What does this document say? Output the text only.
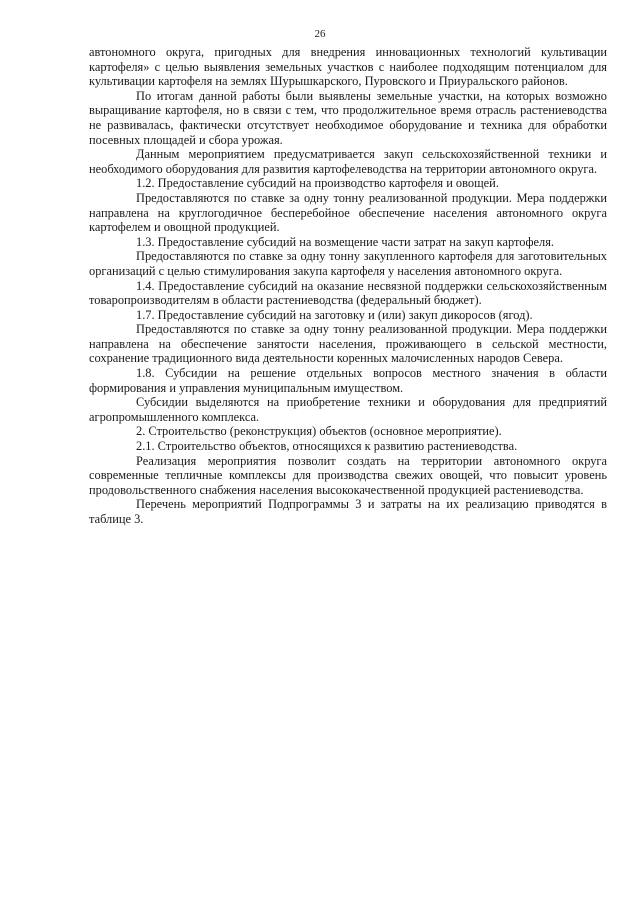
26

автономного округа, пригодных для внедрения инновационных технологий культивации картофеля» с целью выявления земельных участков с наиболее подходящим потенциалом для культивации картофеля на землях Шурышкарского, Пуровского и Приуральского районов.

По итогам данной работы были выявлены земельные участки, на которых возможно выращивание картофеля, но в связи с тем, что продолжительное время отрасль растениеводства не развивалась, фактически отсутствует необходимое оборудование и техника для обработки посевных площадей и сбора урожая.

Данным мероприятием предусматривается закуп сельскохозяйственной техники и необходимого оборудования для развития картофелеводства на территории автономного округа.

1.2. Предоставление субсидий на производство картофеля и овощей.

Предоставляются по ставке за одну тонну реализованной продукции. Мера поддержки направлена на круглогодичное бесперебойное обеспечение населения автономного округа картофелем и овощной продукцией.

1.3. Предоставление субсидий на возмещение части затрат на закуп картофеля.

Предоставляются по ставке за одну тонну закупленного картофеля для заготовительных организаций с целью стимулирования закупа картофеля у населения автономного округа.

1.4. Предоставление субсидий на оказание несвязной поддержки сельскохозяйственным товаропроизводителям в области растениеводства (федеральный бюджет).

1.7. Предоставление субсидий на заготовку и (или) закуп дикоросов (ягод).

Предоставляются по ставке за одну тонну реализованной продукции. Мера поддержки направлена на обеспечение занятости населения, проживающего в сельской местности, сохранение традиционного вида деятельности коренных малочисленных народов Севера.

1.8. Субсидии на решение отдельных вопросов местного значения в области формирования и управления муниципальным имуществом.

Субсидии выделяются на приобретение техники и оборудования для предприятий агропромышленного комплекса.

2. Строительство (реконструкция) объектов (основное мероприятие).

2.1. Строительство объектов, относящихся к развитию растениеводства.

Реализация мероприятия позволит создать на территории автономного округа современные тепличные комплексы для производства свежих овощей, что повысит уровень продовольственного снабжения населения высококачественной продукцией растениеводства.

Перечень мероприятий Подпрограммы 3 и затраты на их реализацию приводятся в таблице 3.
